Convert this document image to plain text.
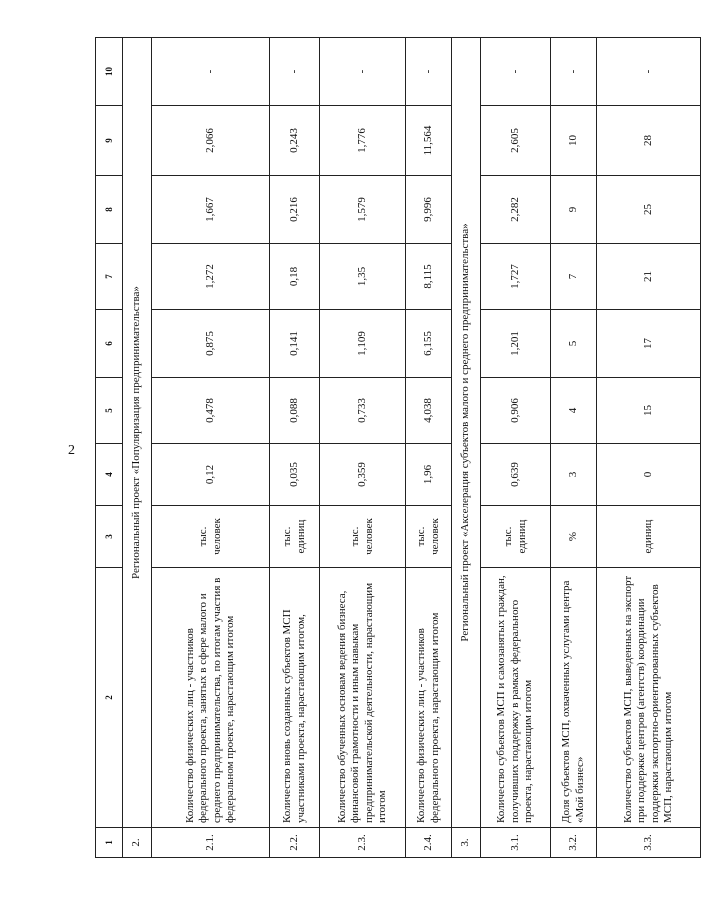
2
1	2	3	4	5	6	7	8	9	10
2.	Региональный проект «Популяризация предпринимательства»								
2.1.	Количество физических лиц - участников федерального проекта, занятых в сфере малого и среднего предпринимательства, по итогам участия в федеральном проекте, нарастающим итогом	тыс. человек	0,12	0,478	0,875	1,272	1,667	2,066	-
2.2.	Количество вновь созданных субъектов МСП участниками проекта, нарастающим итогом,	тыс. единиц	0,035	0,088	0,141	0,18	0,216	0,243	-
2.3.	Количество обученных основам ведения бизнеса, финансовой грамотности и иным навыкам предпринимательской деятельности, нарастающим итогом	тыс. человек	0,359	0,733	1,109	1,35	1,579	1,776	-
2.4.	Количество физических лиц - участников федерального проекта, нарастающим итогом	тыс. человек	1,96	4,038	6,155	8,115	9,996	11,564	-
3.	Региональный проект «Акселерация субъектов малого и среднего предпринимательства»								
3.1.	Количество субъектов МСП и самозанятых граждан, получивших поддержку в рамках федерального проекта, нарастающим итогом	тыс. единиц	0,639	0,906	1,201	1,727	2,282	2,605	-
3.2.	Доля субъектов МСП, охваченных услугами центра «Мой бизнес»	%	3	4	5	7	9	10	-
3.3.	Количество субъектов МСП, выведенных на экспорт при поддержке центров (агентств) координации поддержки экспортно-ориентированных субъектов МСП, нарастающим итогом	единиц	0	15	17	21	25	28	-
